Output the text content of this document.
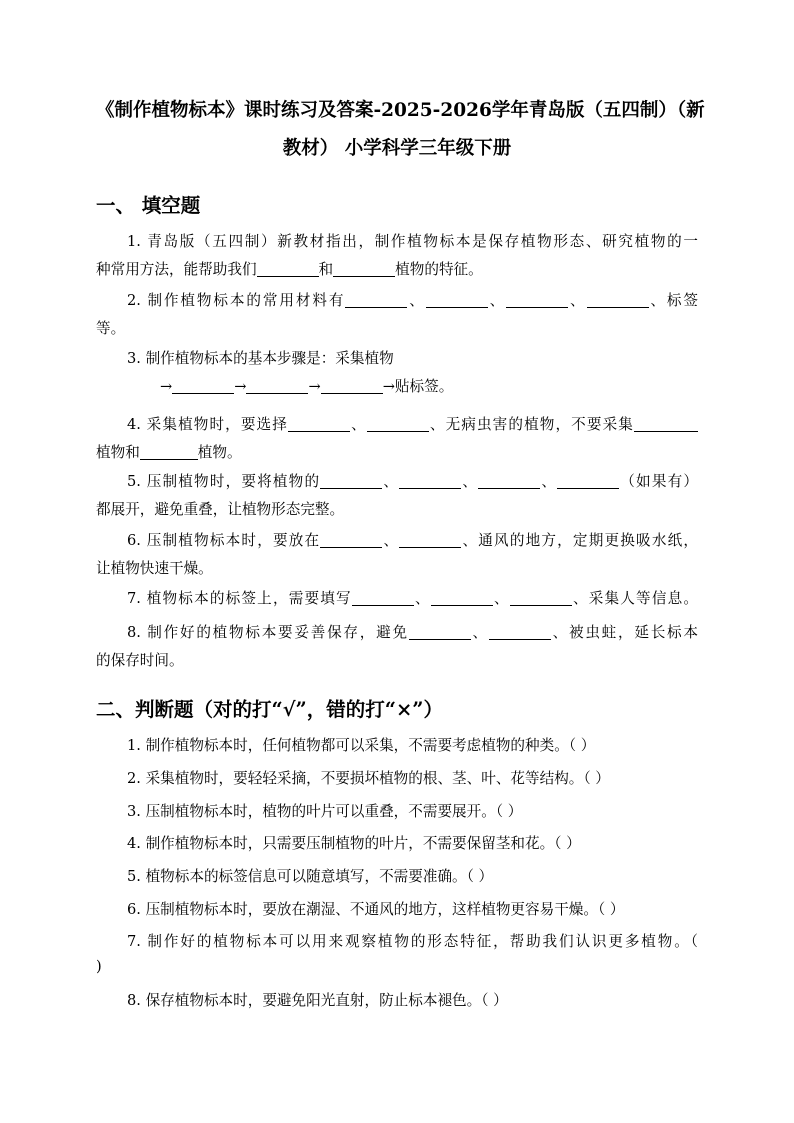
《制作植物标本》课时练习及答案-2025-2026学年青岛版（五四制）（新
教材） 小学科学三年级下册
一、 填空题
1. 青岛版（五四制）新教材指出，制作植物标本是保存植物形态、研究植物的一
种常用方法，能帮助我们	和	植物的特征。
2. 制作植物标本的常用材料有	、	、	、	、标签
等。
3. 制作植物标本的基本步骤是：采集植物
→	→	→	→贴标签。
4. 采集植物时，要选择	、	、无病虫害的植物，不要采集
植物和	植物。
5. 压制植物时，要将植物的	、	、	、	（如果有）
都展开，避免重叠，让植物形态完整。
6. 压制植物标本时，要放在	、	、通风的地方，定期更换吸水纸，
让植物快速干燥。
7. 植物标本的标签上，需要填写	、	、	、采集人等信息。
8. 制作好的植物标本要妥善保存，避免	、	、被虫蛀，延长标本
的保存时间。
二、判断题（对的打“√”，错的打“×”）
1. 制作植物标本时，任何植物都可以采集，不需要考虑植物的种类。（ ）
2. 采集植物时，要轻轻采摘，不要损坏植物的根、茎、叶、花等结构。（ ）
3. 压制植物标本时，植物的叶片可以重叠，不需要展开。（ ）
4. 制作植物标本时，只需要压制植物的叶片，不需要保留茎和花。（ ）
5. 植物标本的标签信息可以随意填写，不需要准确。（ ）
6. 压制植物标本时，要放在潮湿、不通风的地方，这样植物更容易干燥。（ ）
7. 制作好的植物标本可以用来观察植物的形态特征，帮助我们认识更多植物。（
)
8. 保存植物标本时，要避免阳光直射，防止标本褪色。（ ）
